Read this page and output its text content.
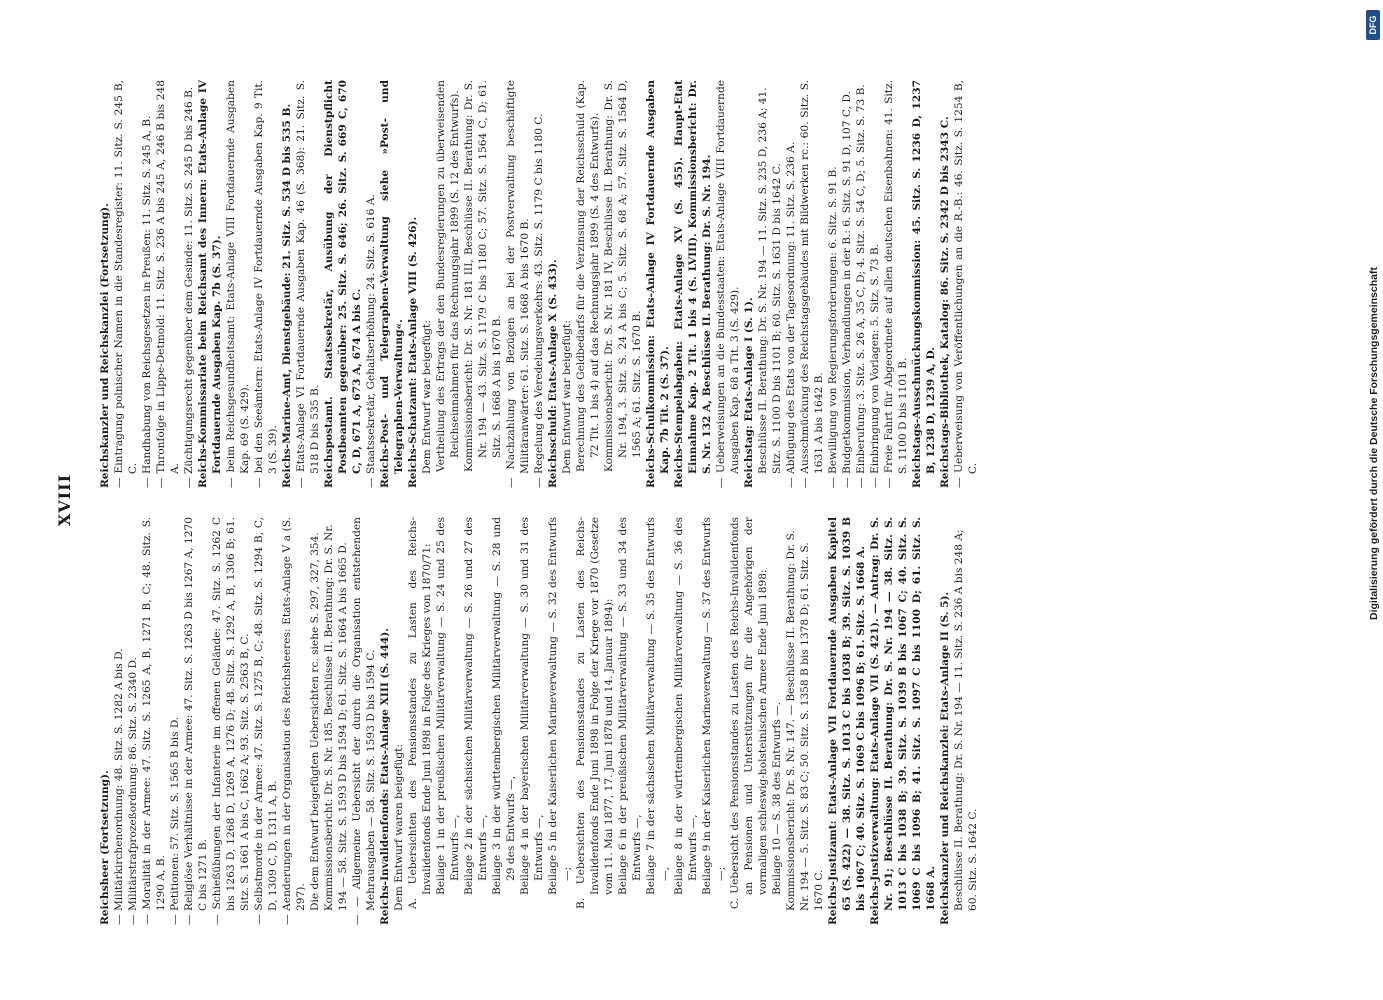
XVIII

Reichsheer (Fortsetzung). — Militärkirchenordnung: 48. Sitz. S. 1282 A bis D. — Militärstrafprozeßordnung: 86. Sitz. S. 2340 D. — Moralität in der Armee: 47. Sitz. S. 1265 A, B, 1271 B, C; 48. Sitz. S. 1290 A, B. — Petitionen: 57. Sitz. S. 1565 B bis D. — Religiöse Verhältnisse in der Armee: 47. Sitz. S. 1263 D bis 1267 A, 1270 C bis 1271 B. — Schießübungen der Infanterie im offenen Gelände: 47. Sitz. S. 1262 C bis 1263 D, 1268 D, 1269 A, 1276 D; 48. Sitz. S. 1292 A, B, 1306 B; 61. Sitz. S. 1661 A bis C, 1662 A; 93. Sitz. S. 2563 B, C. — Selbstmorde in der Armee: 47. Sitz. S. 1275 B, C; 48. Sitz. S. 1294 B, C, D, 1309 C, D, 1311 A, B. — Aenderungen in der Organisation des Reichsheeres: Etats-Anlage V a (S. 297). Die dem Entwurf beigefügten Uebersichten rc. siehe S. 297, 327, 354. Kommissionsbericht: Dr. S. Nr. 185. Beschlüsse II. Berathung: Dr. S. Nr. 194 — 58. Sitz. S. 1593 D bis 1594 D; 61. Sitz. S. 1664 A bis 1665 D. — — Allgemeine Uebersicht der durch die Organisation entstehenden Mehrausgaben — 58. Sitz. S. 1593 D bis 1594 C. Reichs-Invalidenfonds: Etats-Anlage XIII (S. 444). Dem Entwurf waren beigefügt: A. Uebersichten des Pensionsstandes zu Lasten des Reichs-Invalidenfonds Ende Juni 1898 in Folge des Krieges von 1870/71: Beilage 1 in der preußischen Militärverwaltung — S. 24 und 25 des Entwurfs —, Beilage 2 in der sächsischen Militärverwaltung — S. 26 und 27 des Entwurfs —, Beilage 3 in der württembergischen Militärverwaltung — S. 28 und 29 des Entwurfs —, Beilage 4 in der bayerischen Militärverwaltung — S. 30 und 31 des Entwurfs —, Beilage 5 in der Kaiserlichen Marineverwaltung — S. 32 des Entwurfs —; B. Uebersichten des Pensionsstandes zu Lasten des Reichs-Invalidenfonds Ende Juni 1898 in Folge der Kriege vor 1870 (Gesetze vom 11. Mai 1877, 17. Juni 1878 und 14. Januar 1894): Beilage 6 in der preußischen Militärverwaltung — S. 33 und 34 des Entwurfs —, Beilage 7 in der sächsischen Militärverwaltung — S. 35 des Entwurfs —, Beilage 8 in der württembergischen Militärverwaltung — S. 36 des Entwurfs —, Beilage 9 in der Kaiserlichen Marineverwaltung — S. 37 des Entwurfs —; C. Uebersicht des Pensionsstandes zu Lasten des Reichs-Invalidenfonds an Pensionen und Unterstützungen für die Angehörigen der vormaligen schleswig-holsteinischen Armee Ende Juni 1898: Beilage 10 — S. 38 des Entwurfs —. Kommissionsbericht: Dr. S. Nr. 147. — Beschlüsse II. Berathung: Dr. S. Nr. 194 — 5. Sitz. S. 83 C; 50. Sitz. S. 1358 B bis 1378 D; 61. Sitz. S. 1670 C. Reichs-Justizamt: Etats-Anlage VII Fortdauernde Ausgaben Kapitel 65 (S. 422) — 38. Sitz. S. 1013 C bis 1038 B; 39. Sitz. S. 1039 B bis 1067 C; 40. Sitz. S. 1069 C bis 1096 B; 61. Sitz. S. 1668 A. Reichs-Justizverwaltung: Etats-Anlage VII (S. 421). — Antrag: Dr. S. Nr. 91; Beschlüsse II. Berathung: Dr. S. Nr. 194 — 38. Sitz. S. 1013 C bis 1038 B; 39. Sitz. S. 1039 B bis 1067 C; 40. Sitz. S. 1069 C bis 1096 B; 41. Sitz. S. 1097 C bis 1100 D; 61. Sitz. S. 1668 A. Reichskanzler und Reichskanzlei: Etats-Anlage II (S. 5). Beschlüsse II. Berathung: Dr. S. Nr. 194 — 11. Sitz. S. 236 A bis 248 A; 60. Sitz. S. 1642 C.

Reichskanzler und Reichskanzlei (Fortsetzung). — Eintragung polnischer Namen in die Standesregister: 11. Sitz. S. 245 B, C. — Handhabung von Reichsgesetzen in Preußen: 11. Sitz. S. 245 A, B. — Thronfolge in Lippe-Detmold: 11. Sitz. S. 236 A bis 245 A, 246 B bis 248 A. — Züchtigungsrecht gegenüber dem Gesinde: 11. Sitz. S. 245 D bis 246 B. Reichs-Kommissariate beim Reichsamt des Innern: Etats-Anlage IV Fortdauernde Ausgaben Kap. 7b (S. 37). — beim Reichsgesundheitsamt: Etats-Anlage VIII Fortdauernde Ausgaben Kap. 69 (S. 429). — bei den Seeämtern: Etats-Anlage IV Fortdauernde Ausgaben Kap. 9 Tit. 3 (S. 39). Reichs-Marine-Amt, Dienstgebäude: 21. Sitz. S. 534 D bis 535 B. — Etats-Anlage VI Fortdauernde Ausgaben Kap. 46 (S. 368): 21. Sitz. S. 518 D bis 535 B. Reichspostamt. Staatssekretär, Ausübung der Dienstpflicht Postbeamten gegenüber: 25. Sitz. S. 646; 26. Sitz. S. 669 C, 670 C, D, 671 A, 673 A, 674 A bis C. — Staatssekretär, Gehaltserhöhung: 24. Sitz. S. 616 A. Reichs-Post- und Telegraphen-Verwaltung siehe »Post- und Telegraphen-Verwaltung«. Reichs-Schatzamt: Etats-Anlage VIII (S. 426). Dem Entwurf war beigefügt: Vertheilung des Ertrags der den Bundesregierungen zu überweisenden Reichseinnahmen für das Rechnungsjahr 1899 (S. 12 des Entwurfs). Kommissionsbericht: Dr. S. Nr. 181 III, Beschlüsse II. Berathung: Dr. S. Nr. 194 — 43. Sitz. S. 1179 C bis 1180 C; 57. Sitz. S. 1564 C, D; 61. Sitz. S. 1668 A bis 1670 B. — Nachzahlung von Bezügen an bei der Postverwaltung beschäftigte Militäranwärter: 61. Sitz. S. 1668 A bis 1670 B. — Regelung des Veredelungsverkehrs: 43. Sitz. S. 1179 C bis 1180 C. Reichsschuld: Etats-Anlage X (S. 433). Dem Entwurf war beigefügt: Berechnung des Geldbedarfs für die Verzinsung der Reichsschuld (Kap. 72 Tit. 1 bis 4) auf das Rechnungsjahr 1899 (S. 4 des Entwurfs). Kommissionsbericht: Dr. S. Nr. 181 IV, Beschlüsse II. Berathung: Dr. S. Nr. 194, 3. Sitz. S. 24 A bis C; 5. Sitz. S. 68 A; 57. Sitz. S. 1564 D, 1565 A; 61. Sitz. S. 1670 B. Reichs-Schulkommission: Etats-Anlage IV Fortdauernde Ausgaben Kap. 7b Tit. 2 (S. 37). Reichs-Stempelabgaben: Etats-Anlage XV (S. 455). Haupt-Etat Einnahme Kap. 2 Tit. 1 bis 4 (S. LVIII). Kommissionsbericht: Dr. S. Nr. 132 A, Beschlüsse II. Berathung: Dr. S. Nr. 194. — Ueberweisungen an die Bundesstaaten: Etats-Anlage VIII Fortdauernde Ausgaben Kap. 68 a Tit. 3 (S. 429). Reichstag: Etats-Anlage I (S. 1). Beschlüsse II. Berathung: Dr. S. Nr. 194 — 11. Sitz. S. 235 D, 236 A; 41. Sitz. S. 1100 D bis 1101 B; 60. Sitz. S. 1631 D bis 1642 C. — Abfügung des Etats von der Tagesordnung: 11. Sitz. S. 236 A. — Ausschmückung des Reichstagsgebäudes mit Bildwerken rc.: 60. Sitz. S. 1631 A bis 1642 B. — Bewilligung von Regierungsforderungen: 6. Sitz. S. 91 B. — Budgetkommission, Verhandlungen in der B.: 6. Sitz. S. 91 D, 107 C, D. — Einberufung: 3. Sitz. S. 26 A, 35 C, D; 4. Sitz. S. 54 C, D; 5. Sitz. S. 73 B. — Einbringung von Vorlagen: 5. Sitz. S. 73 B. — Freie Fahrt für Abgeordnete auf allen deutschen Eisenbahnen: 41. Sitz. S. 1100 D bis 1101 B. Reichstags-Ausschmückungskommission: 45. Sitz. S. 1236 D, 1237 B, 1238 D, 1239 A, D. Reichstags-Bibliothek, Katalog: 86. Sitz. S. 2342 D bis 2343 C. — Ueberweisung von Veröffentlichungen an die R.-B.: 46. Sitz. S. 1254 B, C.

DFG
Digitalisierung gefördert durch die Deutsche Forschungsgemeinschaft
